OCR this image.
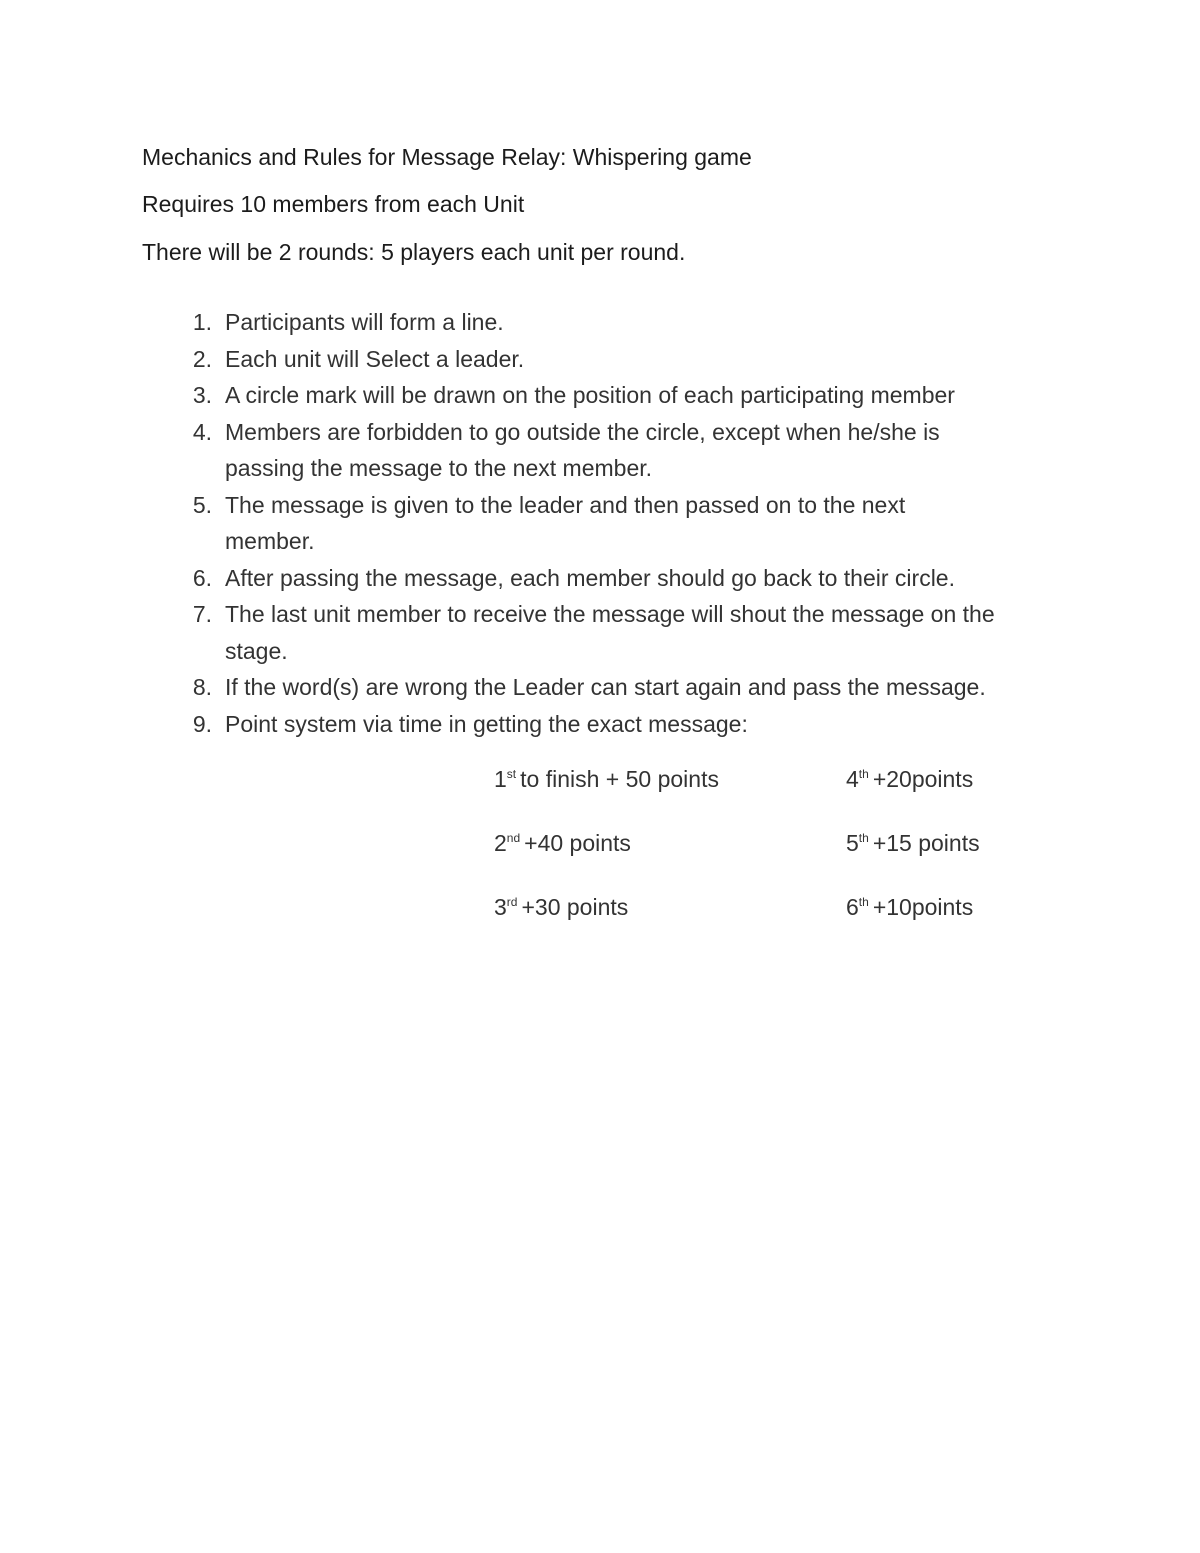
Mechanics and Rules for Message Relay: Whispering game
Requires 10 members from each Unit
There will be 2 rounds: 5 players each unit per round.
1. Participants will form a line.
2. Each unit will Select a leader.
3. A circle mark will be drawn on the position of each participating member
4. Members are forbidden to go outside the circle, except when he/she is passing the message to the next member.
5. The message is given to the leader and then passed on to the next member.
6. After passing the message, each member should go back to their circle.
7. The last unit member to receive the message will shout the message on the stage.
8. If the word(s) are wrong the Leader can start again and pass the message.
9. Point system via time in getting the exact message:
1st to finish + 50 points	4th +20points
2nd +40 points	5th +15 points
3rd +30 points	6th +10points
